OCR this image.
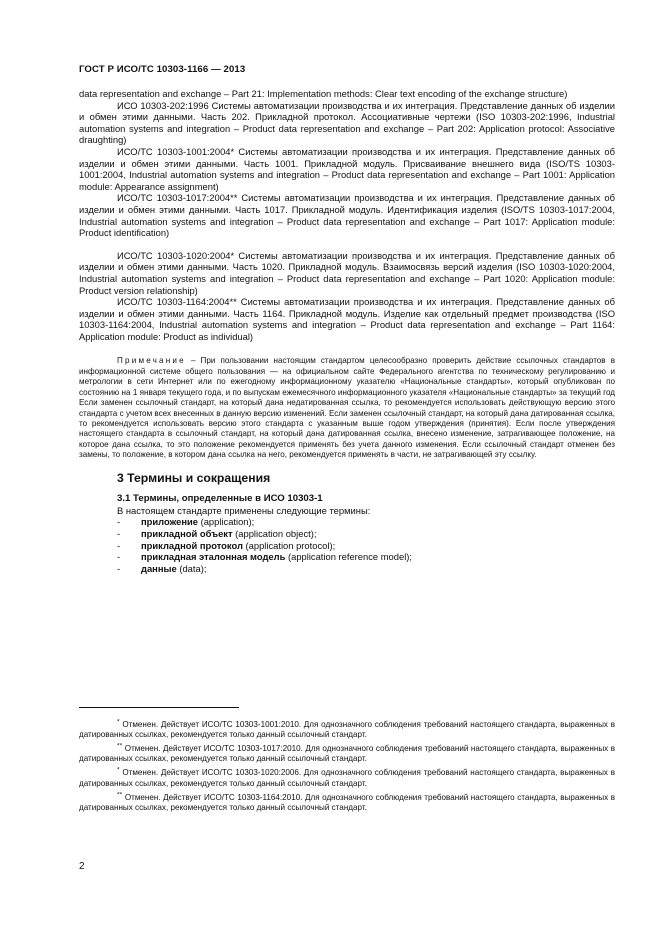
ГОСТ Р ИСО/ТС 10303-1166 — 2013

data representation and exchange – Part 21: Implementation methods: Clear text encoding of the exchange structure)

ИСО 10303-202:1996 Системы автоматизации производства и их интеграция. Представление данных об изделии и обмен этими данными. Часть 202. Прикладной протокол. Ассоциативные чертежи (ISO 10303-202:1996, Industrial automation systems and integration – Product data representation and exchange – Part 202: Application protocol: Associative draughting)

ИСО/ТС 10303-1001:2004* Системы автоматизации производства и их интеграция. Представление данных об изделии и обмен этими данными. Часть 1001. Прикладной модуль. Присваивание внешнего вида (ISO/TS 10303-1001:2004, Industrial automation systems and integration – Product data representation and exchange – Part 1001: Application module: Appearance assignment)

ИСО/ТС 10303-1017:2004** Системы автоматизации производства и их интеграция. Представление данных об изделии и обмен этими данными. Часть 1017. Прикладной модуль. Идентификация изделия (ISO/TS 10303-1017:2004, Industrial automation systems and integration – Product data representation and exchange – Part 1017: Application module: Product identification)

ИСО/ТС 10303-1020:2004* Системы автоматизации производства и их интеграция. Представление данных об изделии и обмен этими данными. Часть 1020. Прикладной модуль. Взаимосвязь версий изделия (ISO 10303-1020:2004, Industrial automation systems and integration – Product data representation and exchange – Part 1020: Application module: Product version relationship)

ИСО/ТС 10303-1164:2004** Системы автоматизации производства и их интеграция. Представление данных об изделии и обмен этими данными. Часть 1164. Прикладной модуль. Изделие как отдельный предмет производства (ISO 10303-1164:2004, Industrial automation systems and integration – Product data representation and exchange – Part 1164: Application module: Product as individual)

Примечание – При пользовании настоящим стандартом целесообразно проверить действие ссылочных стандартов в информационной системе общего пользования — на официальном сайте Федерального агентства по техническому регулированию и метрологии в сети Интернет или по ежегодному информационному указателю «Национальные стандарты», который опубликован по состоянию на 1 января текущего года, и по выпускам ежемесячного информационного указателя «Национальные стандарты» за текущий год Если заменен ссылочный стандарт, на который дана недатированная ссылка, то рекомендуется использовать действующую версию этого стандарта с учетом всех внесенных в данную версию изменений. Если заменен ссылочный стандарт, на который дана датированная ссылка, то рекомендуется использовать версию этого стандарта с указанным выше годом утверждения (принятия). Если после утверждения настоящего стандарта в ссылочный стандарт, на который дана датированная ссылка, внесено изменение, затрагивающее положение, на которое дана ссылка, то это положение рекомендуется применять без учета данного изменения. Если ссылочный стандарт отменен без замены, то положение, в котором дана ссылка на него, рекомендуется применять в части, не затрагивающей эту ссылку.

3 Термины и сокращения
3.1 Термины, определенные в ИСО 10303-1

В настоящем стандарте применены следующие термины:

- приложение (application);
- прикладной объект (application object);
- прикладной протокол (application protocol);
- прикладная эталонная модель (application reference model);
- данные (data);

* Отменен. Действует ИСО/ТС 10303-1001:2010. Для однозначного соблюдения требований настоящего стандарта, выраженных в датированных ссылках, рекомендуется только данный ссылочный стандарт.

** Отменен. Действует ИСО/ТС 10303-1017:2010. Для однозначного соблюдения требований настоящего стандарта, выраженных в датированных ссылках, рекомендуется только данный ссылочный стандарт.

* Отменен. Действует ИСО/ТС 10303-1020:2006. Для однозначного соблюдения требований настоящего стандарта, выраженных в датированных ссылках, рекомендуется только данный ссылочный стандарт.

** Отменен. Действует ИСО/ТС 10303-1164:2010. Для однозначного соблюдения требований настоящего стандарта, выраженных в датированных ссылках, рекомендуется только данный ссылочный стандарт.

2
